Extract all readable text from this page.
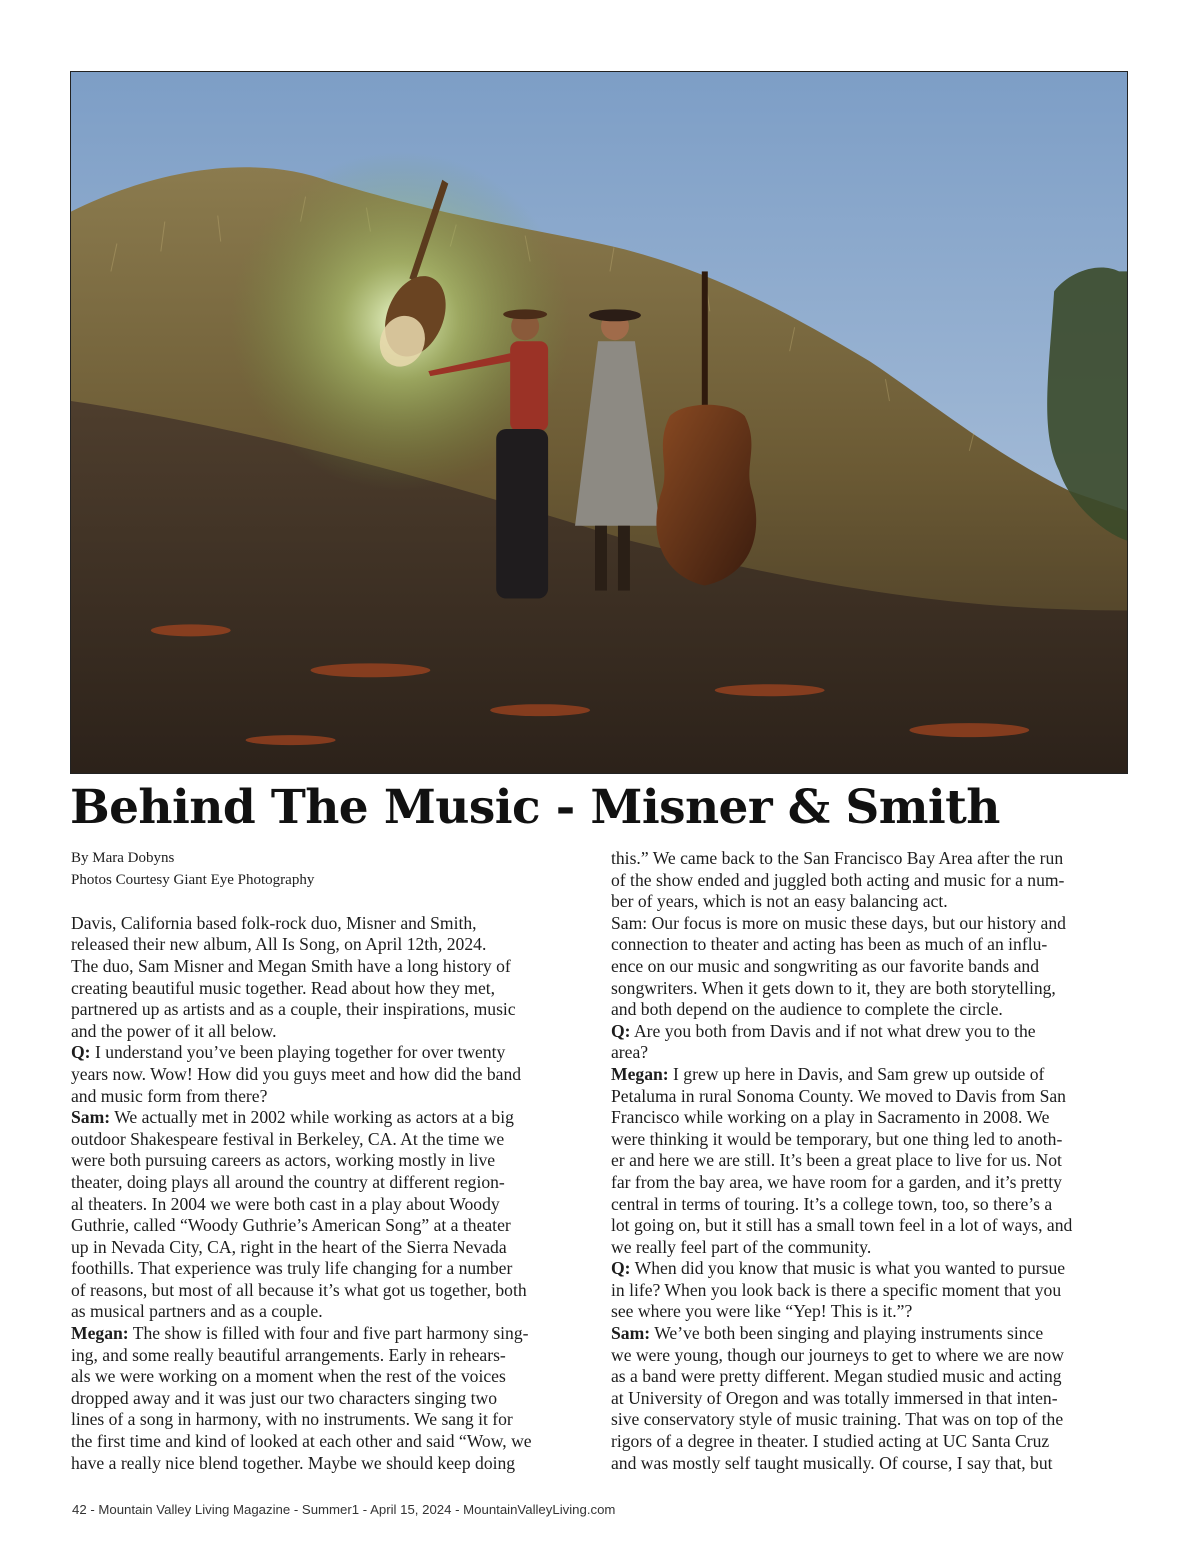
Behind The Music - Misner & Smith
By Mara Dobyns
Photos Courtesy Giant Eye Photography
Davis, California based folk-rock duo, Misner and Smith,
released their new album, All Is Song, on April 12th, 2024.
The duo, Sam Misner and Megan Smith have a long history of
creating beautiful music together. Read about how they met,
partnered up as artists and as a couple, their inspirations, music
and the power of it all below.
Q: I understand you’ve been playing together for over twenty
years now. Wow! How did you guys meet and how did the band
and music form from there?
Sam: We actually met in 2002 while working as actors at a big
outdoor Shakespeare festival in Berkeley, CA. At the time we
were both pursuing careers as actors, working mostly in live
theater, doing plays all around the country at different region-
al theaters. In 2004 we were both cast in a play about Woody
Guthrie, called “Woody Guthrie’s American Song” at a theater
up in Nevada City, CA, right in the heart of the Sierra Nevada
foothills. That experience was truly life changing for a number
of reasons, but most of all because it’s what got us together, both
as musical partners and as a couple.
Megan: The show is filled with four and five part harmony sing-
ing, and some really beautiful arrangements. Early in rehears-
als we were working on a moment when the rest of the voices
dropped away and it was just our two characters singing two
lines of a song in harmony, with no instruments. We sang it for
the first time and kind of looked at each other and said “Wow, we
have a really nice blend together. Maybe we should keep doing
this.” We came back to the San Francisco Bay Area after the run
of the show ended and juggled both acting and music for a num-
ber of years, which is not an easy balancing act.
Sam: Our focus is more on music these days, but our history and
connection to theater and acting has been as much of an influ-
ence on our music and songwriting as our favorite bands and
songwriters. When it gets down to it, they are both storytelling,
and both depend on the audience to complete the circle.
Q: Are you both from Davis and if not what drew you to the
area?
Megan: I grew up here in Davis, and Sam grew up outside of
Petaluma in rural Sonoma County. We moved to Davis from San
Francisco while working on a play in Sacramento in 2008. We
were thinking it would be temporary, but one thing led to anoth-
er and here we are still. It’s been a great place to live for us. Not
far from the bay area, we have room for a garden, and it’s pretty
central in terms of touring. It’s a college town, too, so there’s a
lot going on, but it still has a small town feel in a lot of ways, and
we really feel part of the community.
Q: When did you know that music is what you wanted to pursue
in life? When you look back is there a specific moment that you
see where you were like “Yep! This is it.”?
Sam: We’ve both been singing and playing instruments since
we were young, though our journeys to get to where we are now
as a band were pretty different. Megan studied music and acting
at University of Oregon and was totally immersed in that inten-
sive conservatory style of music training. That was on top of the
rigors of a degree in theater. I studied acting at UC Santa Cruz
and was mostly self taught musically. Of course, I say that, but
42 - Mountain Valley Living Magazine - Summer1 - April 15, 2024 - MountainValleyLiving.com
